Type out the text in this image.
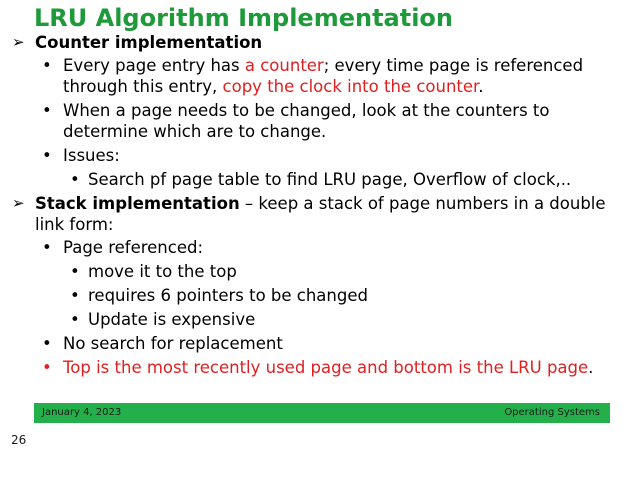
LRU Algorithm Implementation
➢ Counter implementation
• Every page entry has a counter; every time page is referenced through this entry, copy the clock into the counter.
• When a page needs to be changed, look at the counters to determine which are to change.
• Issues:
• Search pf page table to find LRU page, Overflow of clock,..
➢ Stack implementation – keep a stack of page numbers in a double link form:
• Page referenced:
• move it to the top
• requires 6 pointers to be changed
• Update is expensive
• No search for replacement
• Top is the most recently used page and bottom is the LRU page.
January 4, 2023	Operating Systems
26
